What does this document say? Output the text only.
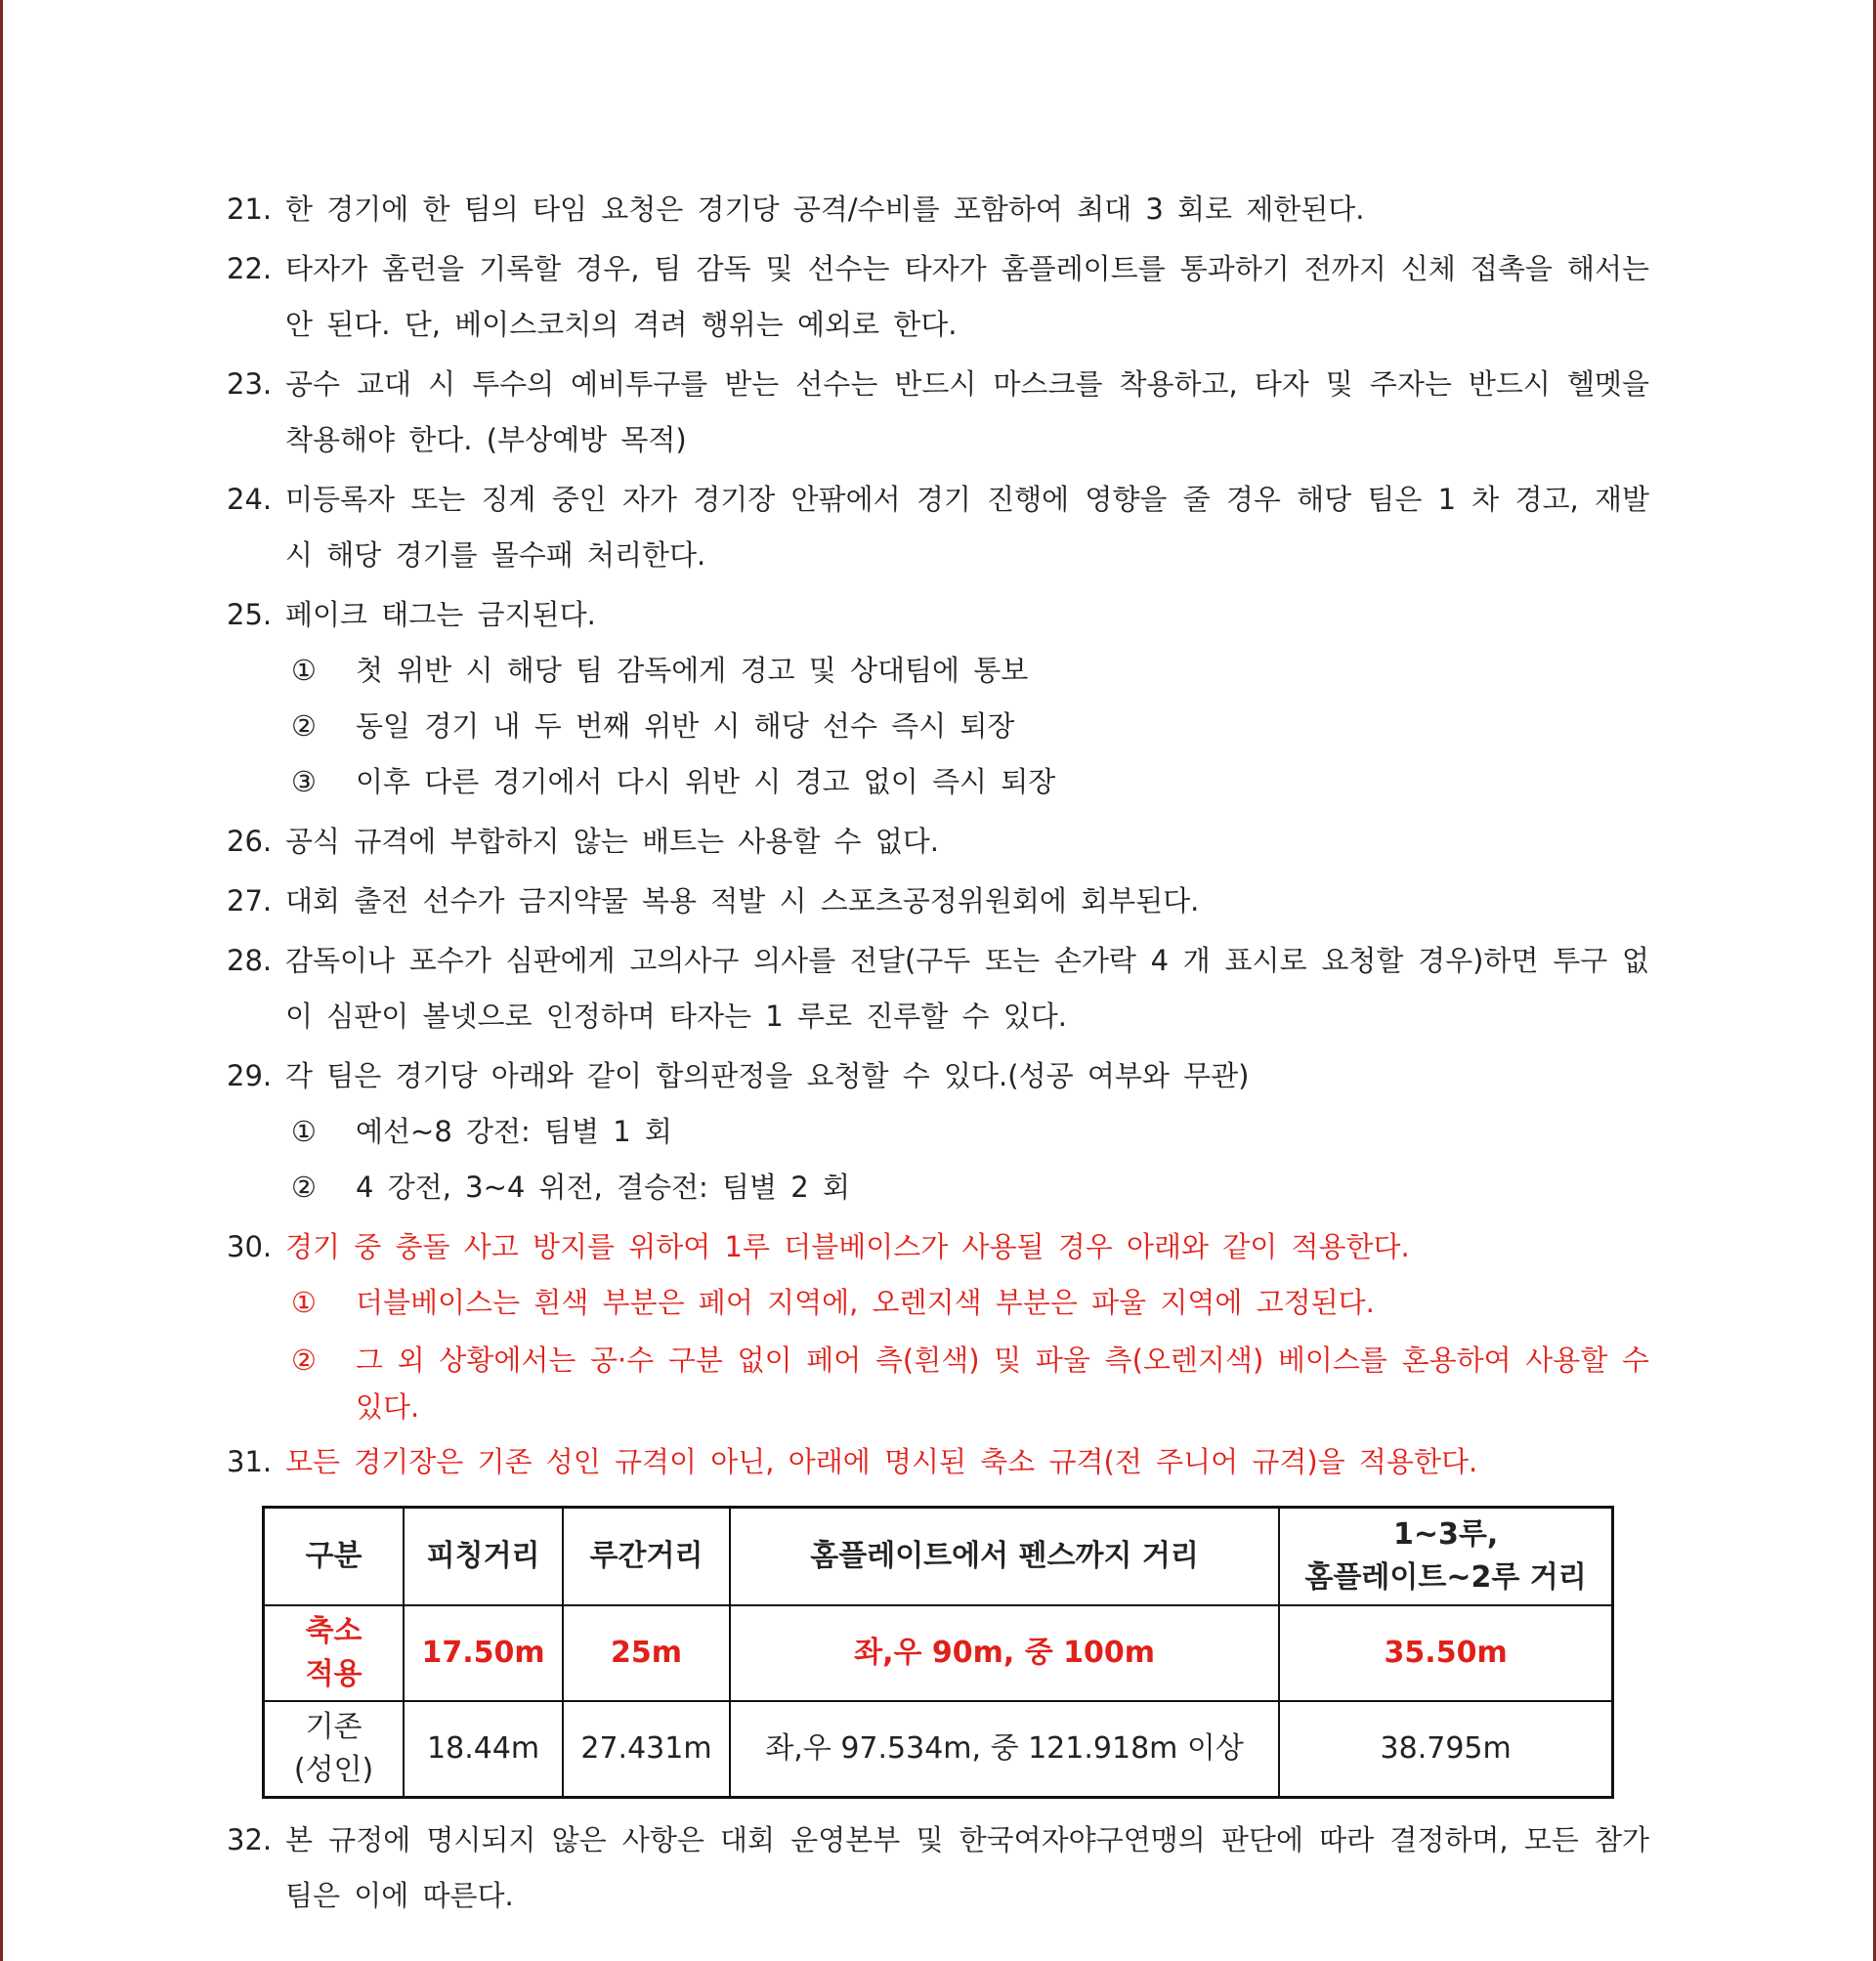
21. 한 경기에 한 팀의 타임 요청은 경기당 공격/수비를 포함하여 최대 3 회로 제한된다.
22. 타자가 홈런을 기록할 경우, 팀 감독 및 선수는 타자가 홈플레이트를 통과하기 전까지 신체 접촉을 해서는 안 된다. 단, 베이스코치의 격려 행위는 예외로 한다.
23. 공수 교대 시 투수의 예비투구를 받는 선수는 반드시 마스크를 착용하고, 타자 및 주자는 반드시 헬멧을 착용해야 한다. (부상예방 목적)
24. 미등록자 또는 징계 중인 자가 경기장 안팎에서 경기 진행에 영향을 줄 경우 해당 팀은 1 차 경고, 재발 시 해당 경기를 몰수패 처리한다.
25. 페이크 태그는 금지된다.
① 첫 위반 시 해당 팀 감독에게 경고 및 상대팀에 통보
② 동일 경기 내 두 번째 위반 시 해당 선수 즉시 퇴장
③ 이후 다른 경기에서 다시 위반 시 경고 없이 즉시 퇴장
26. 공식 규격에 부합하지 않는 배트는 사용할 수 없다.
27. 대회 출전 선수가 금지약물 복용 적발 시 스포츠공정위원회에 회부된다.
28. 감독이나 포수가 심판에게 고의사구 의사를 전달(구두 또는 손가락 4 개 표시로 요청할 경우)하면 투구 없이 심판이 볼넷으로 인정하며 타자는 1 루로 진루할 수 있다.
29. 각 팀은 경기당 아래와 같이 합의판정을 요청할 수 있다.(성공 여부와 무관)
① 예선~8 강전: 팀별 1 회
② 4 강전, 3~4 위전, 결승전: 팀별 2 회
30. 경기 중 충돌 사고 방지를 위하여 1루 더블베이스가 사용될 경우 아래와 같이 적용한다.
① 더블베이스는 흰색 부분은 페어 지역에, 오렌지색 부분은 파울 지역에 고정된다.
② 그 외 상황에서는 공·수 구분 없이 페어 측(흰색) 및 파울 측(오렌지색) 베이스를 혼용하여 사용할 수 있다.
31. 모든 경기장은 기존 성인 규격이 아닌, 아래에 명시된 축소 규격(전 주니어 규격)을 적용한다.
구분	피칭거리	루간거리	홈플레이트에서 펜스까지 거리	1~3루,
홈플레이트~2루 거리

축소
적용	17.50m	25m	좌,우 90m, 중 100m	35.50m

기존
(성인)	18.44m	27.431m	좌,우 97.534m, 중 121.918m 이상	38.795m
32. 본 규정에 명시되지 않은 사항은 대회 운영본부 및 한국여자야구연맹의 판단에 따라 결정하며, 모든 참가팀은 이에 따른다.
